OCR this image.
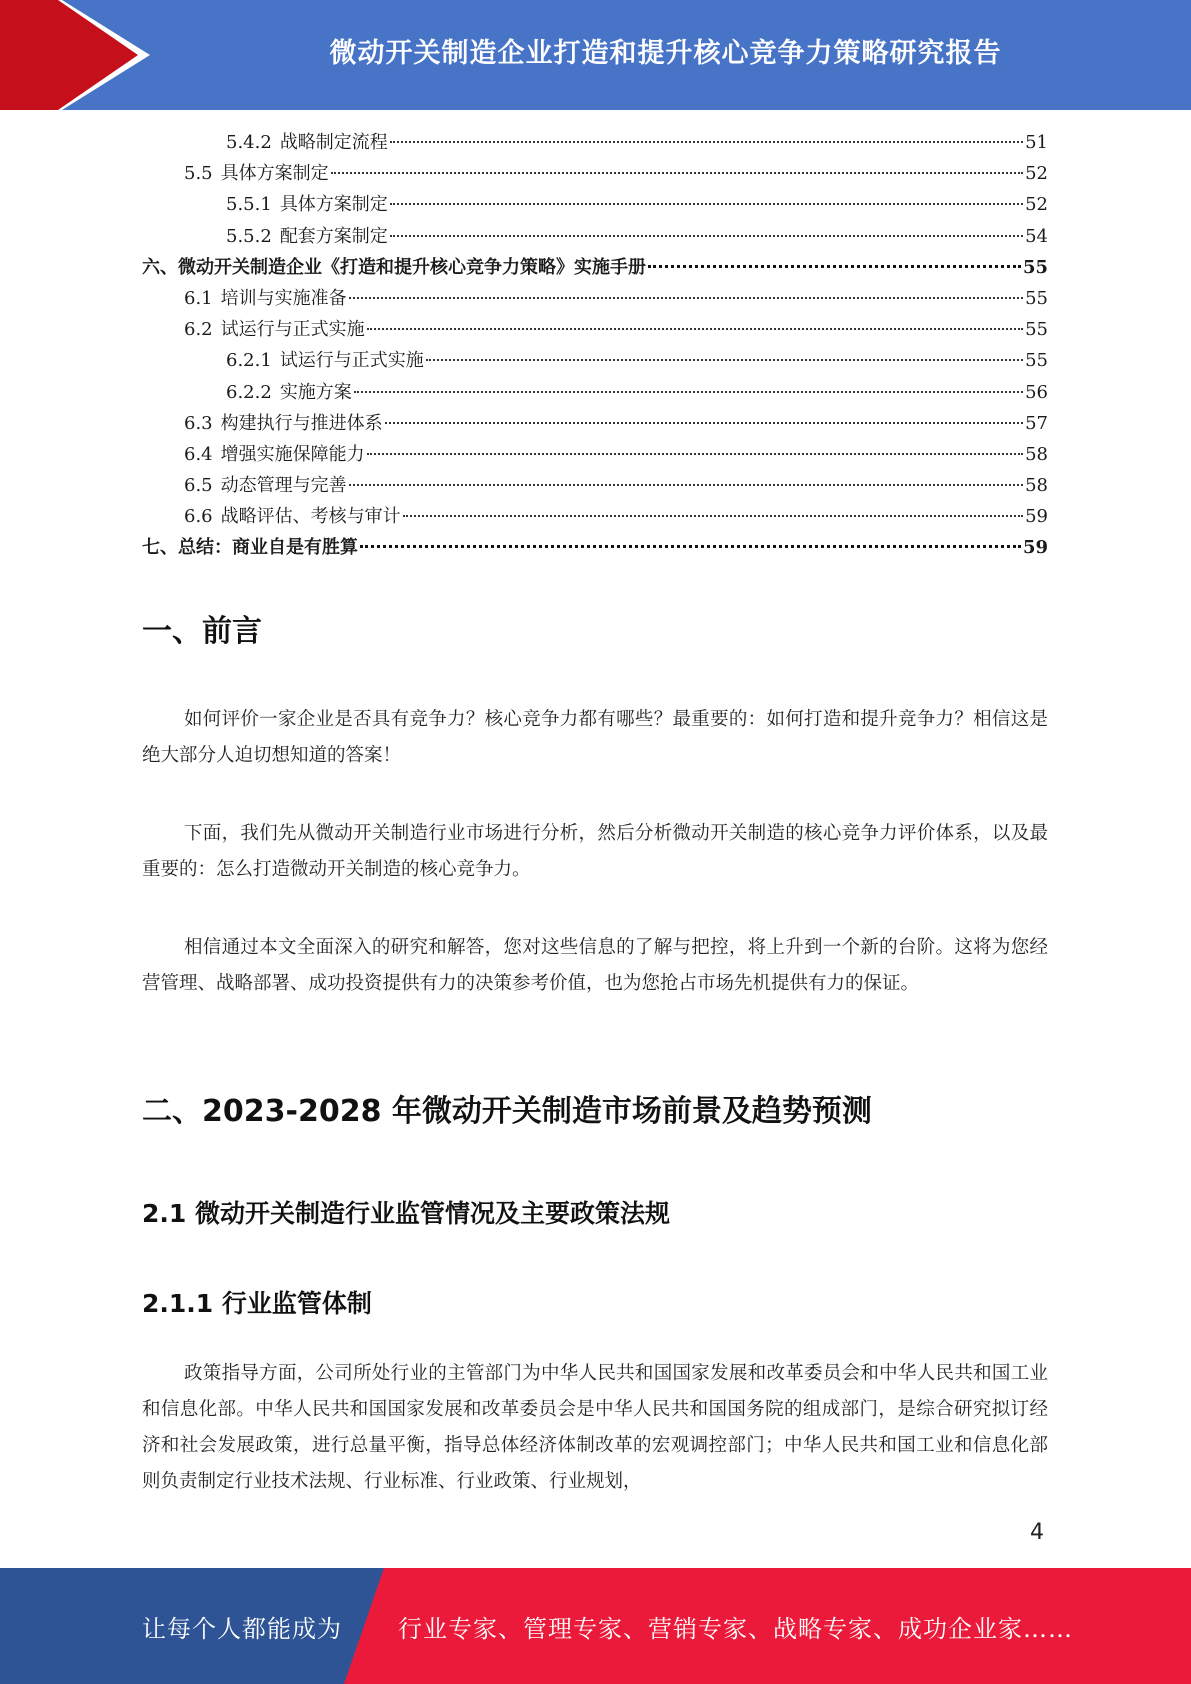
微动开关制造企业打造和提升核心竞争力策略研究报告
5.4.2 战略制定流程	51
5.5 具体方案制定	52
5.5.1 具体方案制定	52
5.5.2 配套方案制定	54
六、微动开关制造企业《打造和提升核心竞争力策略》实施手册	55
6.1 培训与实施准备	55
6.2 试运行与正式实施	55
6.2.1 试运行与正式实施	55
6.2.2 实施方案	56
6.3 构建执行与推进体系	57
6.4 增强实施保障能力	58
6.5 动态管理与完善	58
6.6 战略评估、考核与审计	59
七、总结：商业自是有胜算	59
一、前言
如何评价一家企业是否具有竞争力？核心竞争力都有哪些？最重要的：如何打造和提升竞争力？相信这是绝大部分人迫切想知道的答案！
下面，我们先从微动开关制造行业市场进行分析，然后分析微动开关制造的核心竞争力评价体系，以及最重要的：怎么打造微动开关制造的核心竞争力。
相信通过本文全面深入的研究和解答，您对这些信息的了解与把控，将上升到一个新的台阶。这将为您经营管理、战略部署、成功投资提供有力的决策参考价值，也为您抢占市场先机提供有力的保证。
二、2023-2028 年微动开关制造市场前景及趋势预测
2.1 微动开关制造行业监管情况及主要政策法规
2.1.1 行业监管体制
政策指导方面，公司所处行业的主管部门为中华人民共和国国家发展和改革委员会和中华人民共和国工业和信息化部。中华人民共和国国家发展和改革委员会是中华人民共和国国务院的组成部门，是综合研究拟订经济和社会发展政策，进行总量平衡，指导总体经济体制改革的宏观调控部门；中华人民共和国工业和信息化部则负责制定行业技术法规、行业标准、行业政策、行业规划，
4
让每个人都能成为 行业专家、管理专家、营销专家、战略专家、成功企业家……
